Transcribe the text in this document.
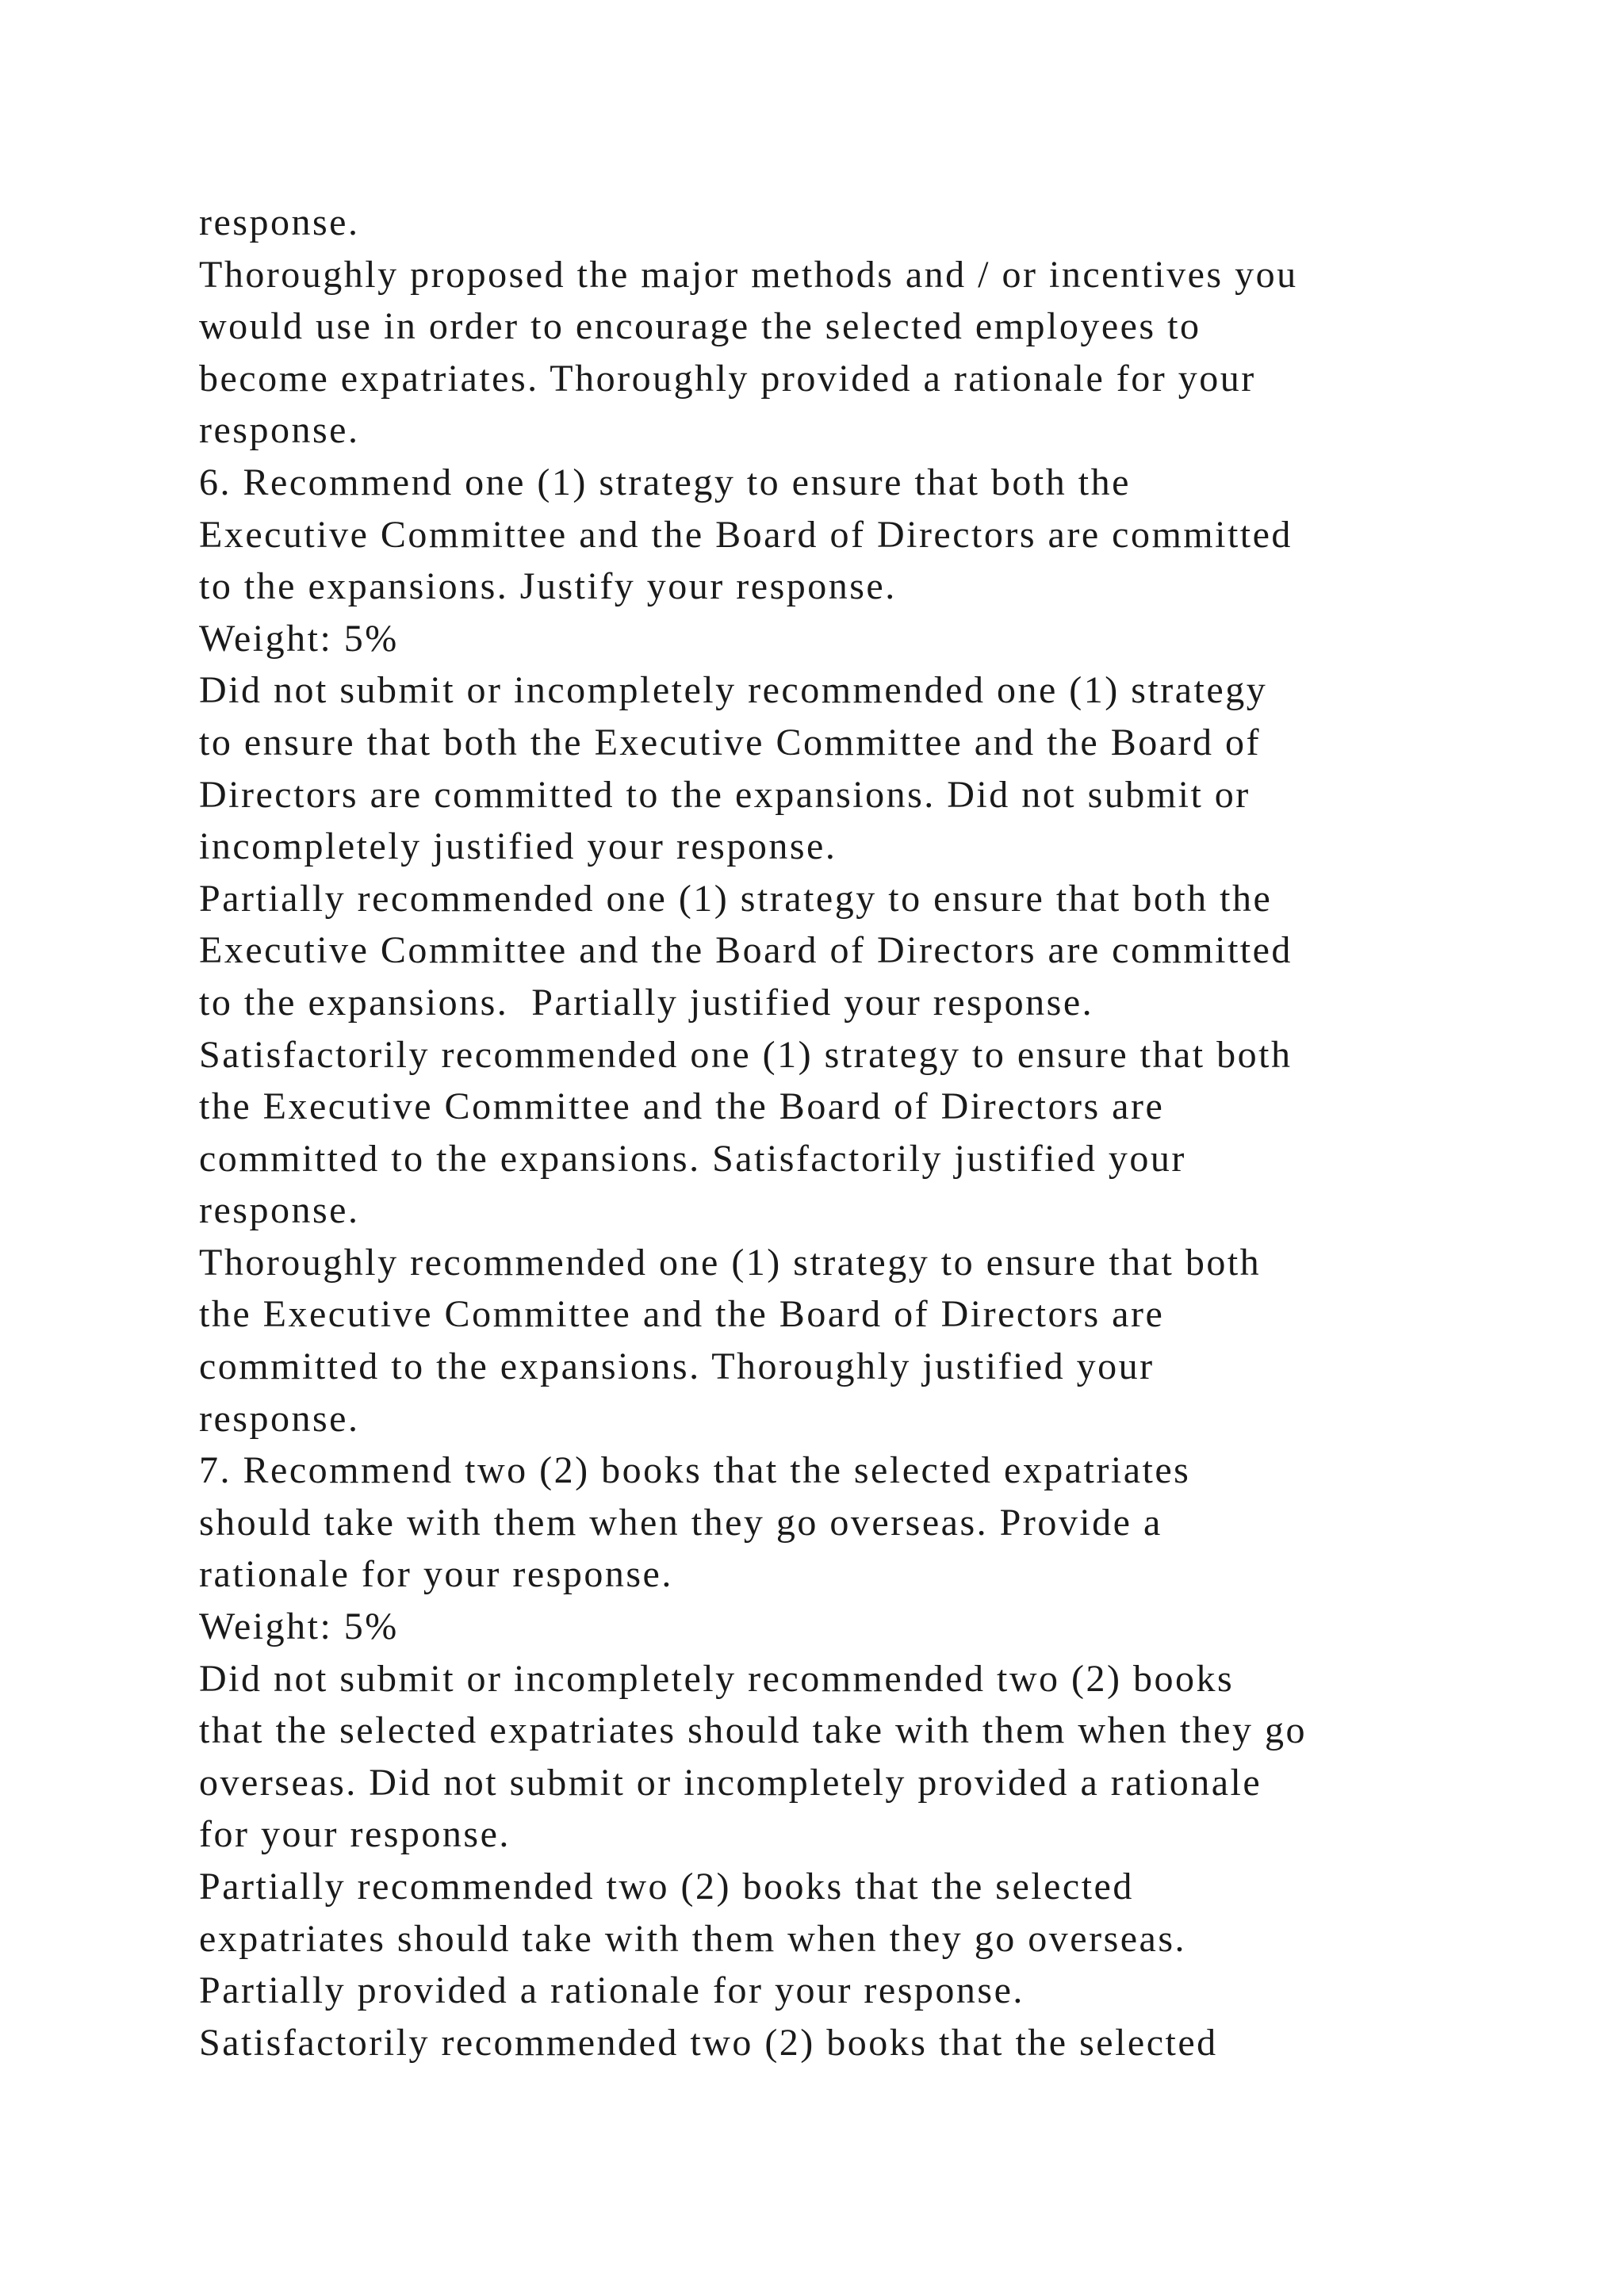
response.

Thoroughly proposed the major methods and / or incentives you

would use in order to encourage the selected employees to

become expatriates. Thoroughly provided a rationale for your

response.

6. Recommend one (1) strategy to ensure that both the

Executive Committee and the Board of Directors are committed

to the expansions. Justify your response.

Weight: 5%

Did not submit or incompletely recommended one (1) strategy

to ensure that both the Executive Committee and the Board of

Directors are committed to the expansions. Did not submit or

incompletely justified your response.

Partially recommended one (1) strategy to ensure that both the

Executive Committee and the Board of Directors are committed

to the expansions.  Partially justified your response.

Satisfactorily recommended one (1) strategy to ensure that both

the Executive Committee and the Board of Directors are

committed to the expansions. Satisfactorily justified your

response.

Thoroughly recommended one (1) strategy to ensure that both

the Executive Committee and the Board of Directors are

committed to the expansions. Thoroughly justified your

response.

7. Recommend two (2) books that the selected expatriates

should take with them when they go overseas. Provide a

rationale for your response.

Weight: 5%

Did not submit or incompletely recommended two (2) books

that the selected expatriates should take with them when they go

overseas. Did not submit or incompletely provided a rationale

for your response.

Partially recommended two (2) books that the selected

expatriates should take with them when they go overseas.

Partially provided a rationale for your response.

Satisfactorily recommended two (2) books that the selected
